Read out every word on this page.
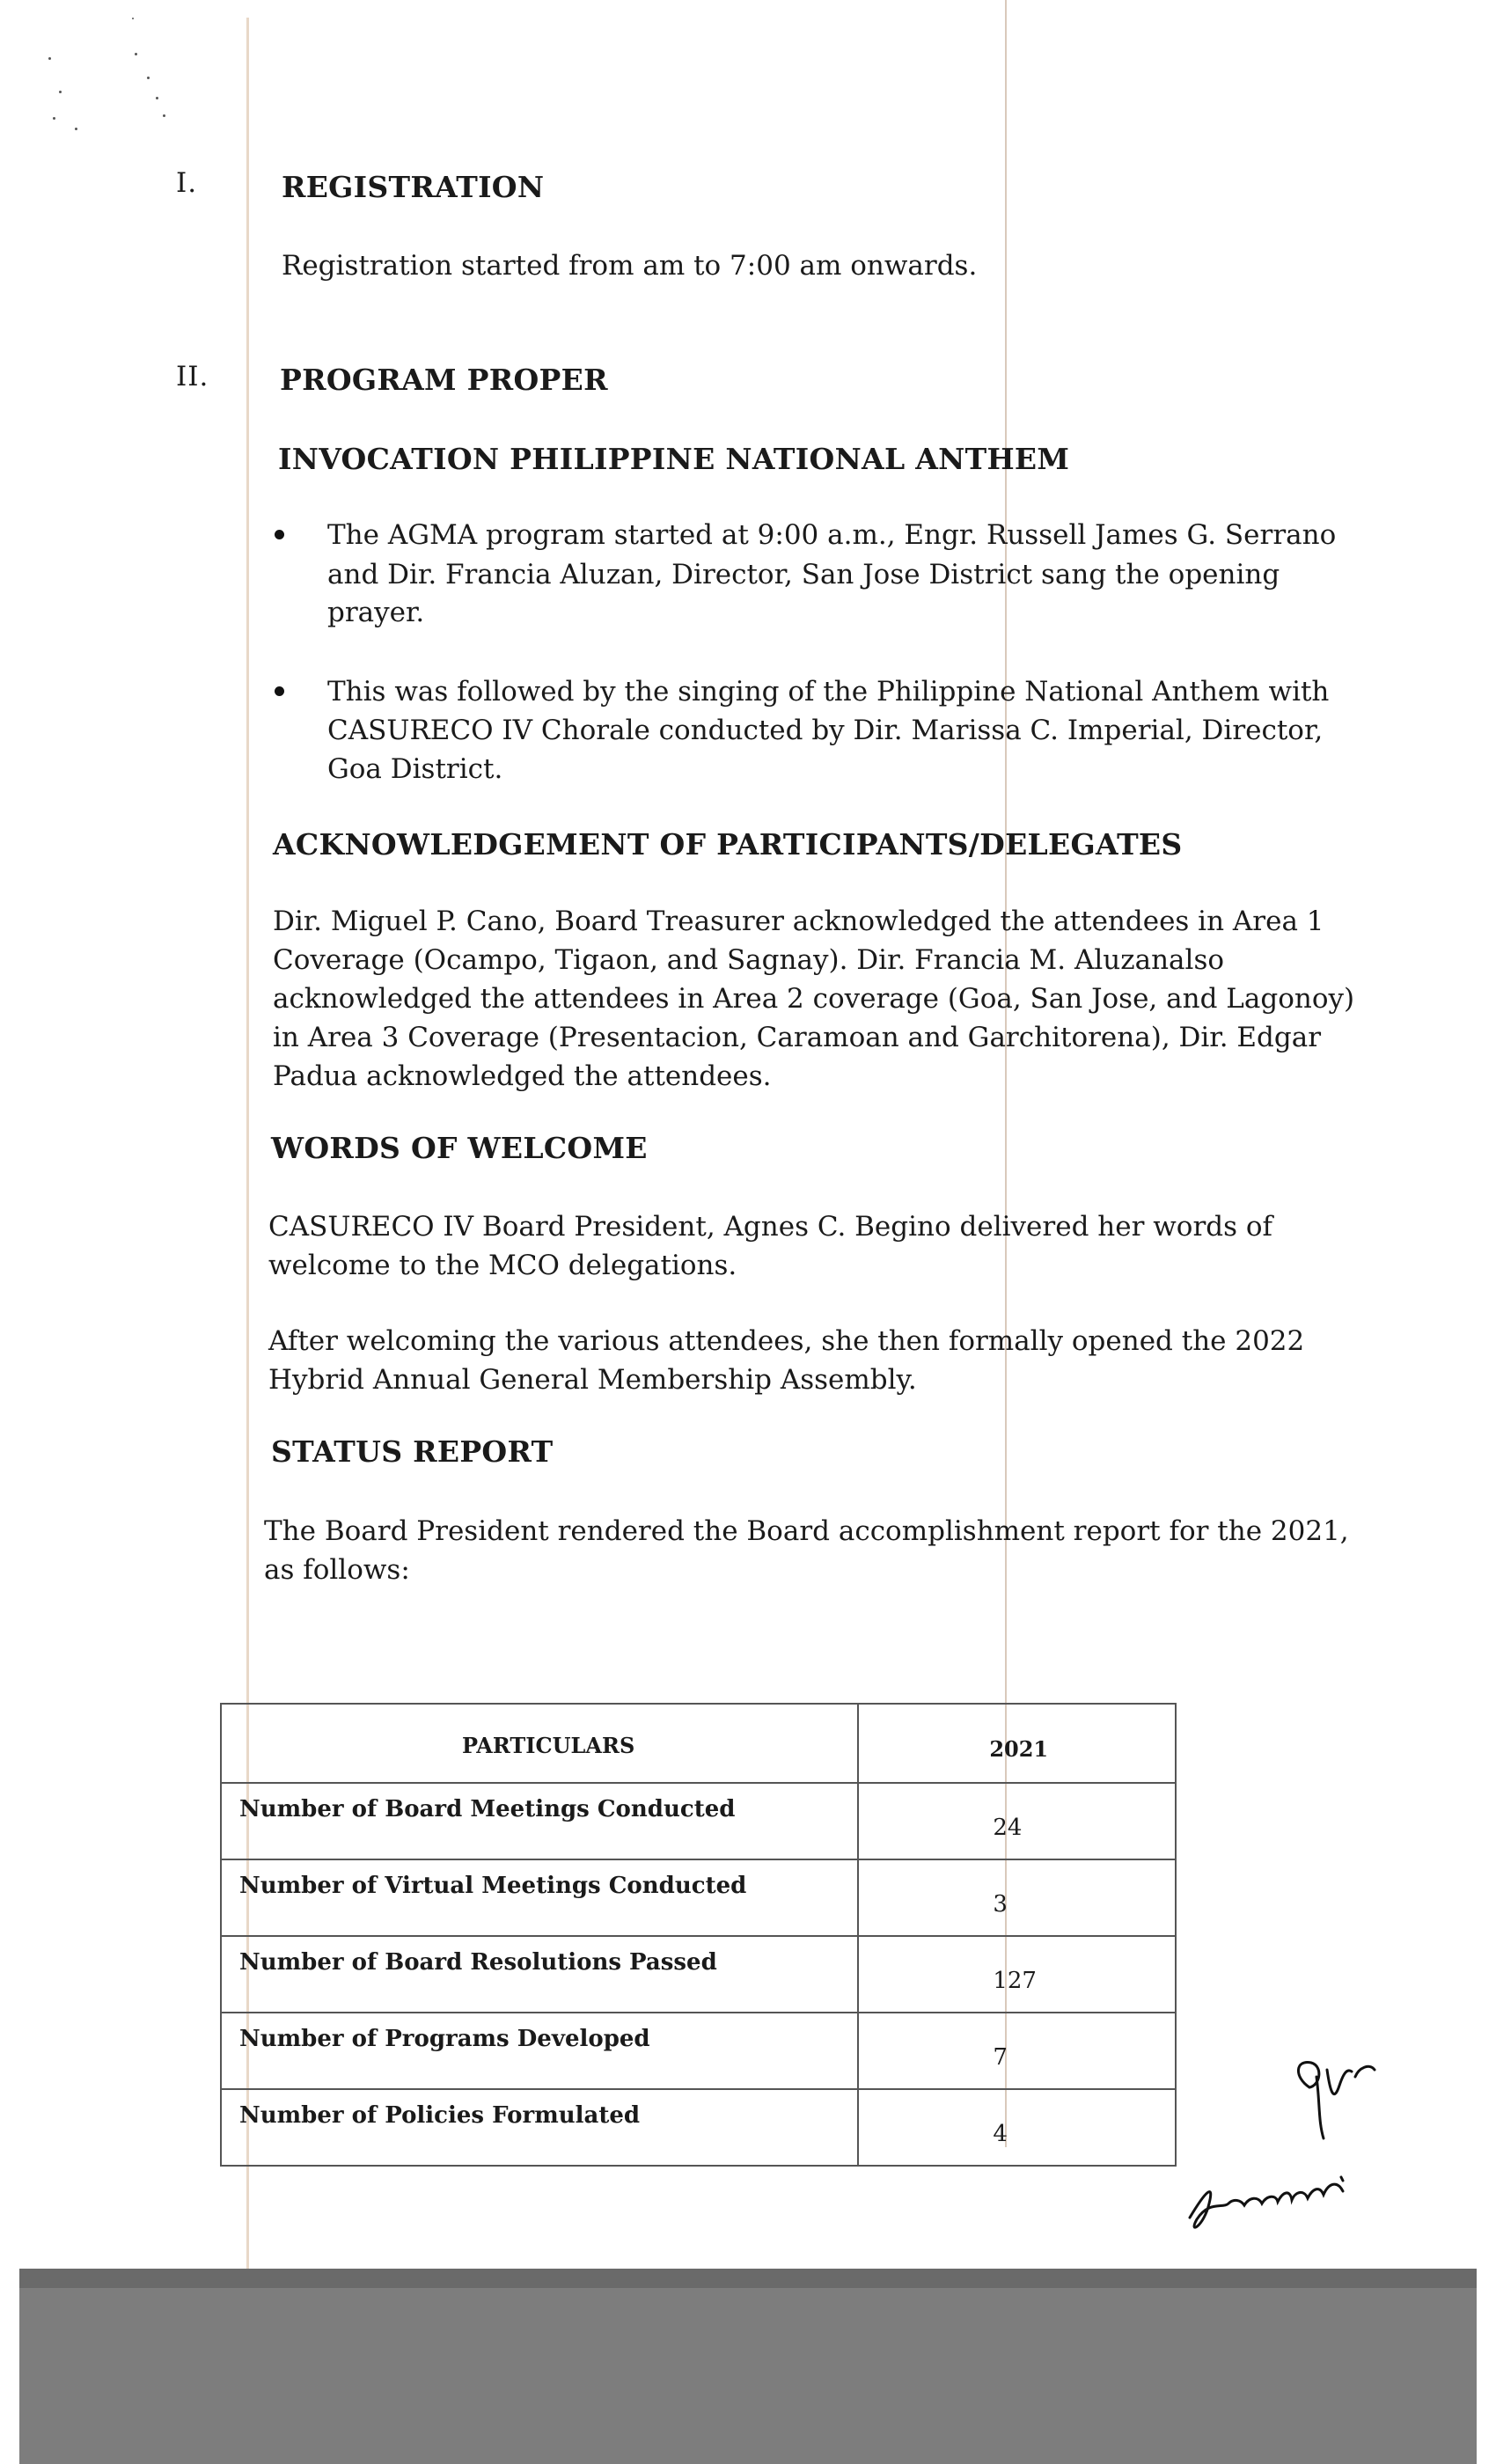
I.	REGISTRATION
Registration started from am to 7:00 am onwards.
II. PROGRAM PROPER
INVOCATION PHILIPPINE NATIONAL ANTHEM
The AGMA program started at 9:00 a.m., Engr. Russell James G. Serrano
and Dir. Francia Aluzan, Director, San Jose District sang the opening
prayer.
This was followed by the singing of the Philippine National Anthem with
CASURECO IV Chorale conducted by Dir. Marissa C. Imperial, Director,
Goa District.
ACKNOWLEDGEMENT OF PARTICIPANTS/DELEGATES
Dir. Miguel P. Cano, Board Treasurer acknowledged the attendees in Area 1
Coverage (Ocampo, Tigaon, and Sagnay). Dir. Francia M. Aluzanalso
acknowledged the attendees in Area 2 coverage (Goa, San Jose, and Lagonoy)
in Area 3 Coverage (Presentacion, Caramoan and Garchitorena), Dir. Edgar
Padua acknowledged the attendees.
WORDS OF WELCOME
CASURECO IV Board President, Agnes C. Begino delivered her words of
welcome to the MCO delegations.
After welcoming the various attendees, she then formally opened the 2022
Hybrid Annual General Membership Assembly.
STATUS REPORT
The Board President rendered the Board accomplishment report for the 2021,
as follows:
PARTICULARS	2021

Number of Board Meetings Conducted	24

Number of Virtual Meetings Conducted	3

Number of Board Resolutions Passed	127

Number of Programs Developed	7

Number of Policies Formulated	4
